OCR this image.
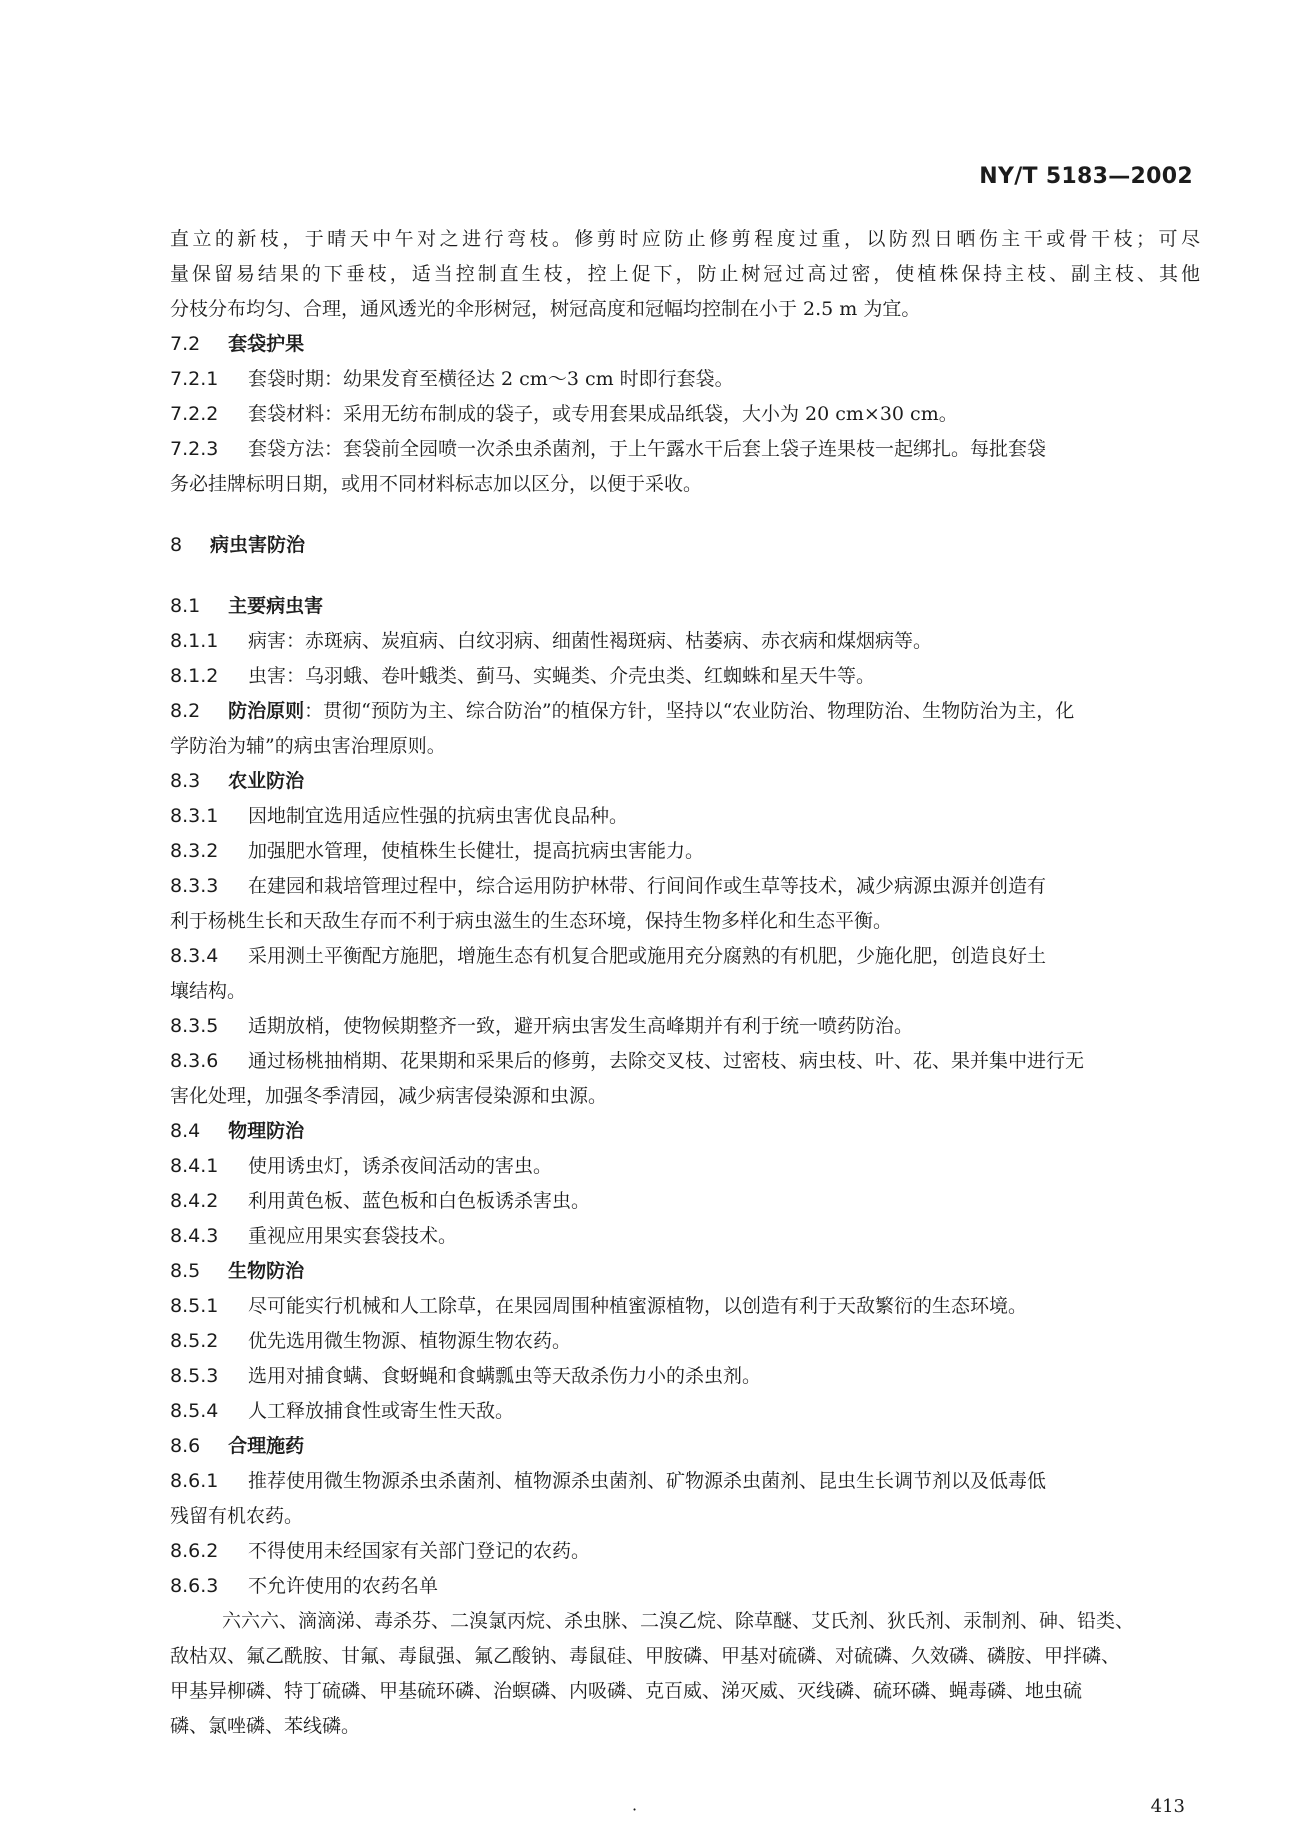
NY/T 5183—2002
直立的新枝，于晴天中午对之进行弯枝。修剪时应防止修剪程度过重，以防烈日晒伤主干或骨干枝；可尽
量保留易结果的下垂枝，适当控制直生枝，控上促下，防止树冠过高过密，使植株保持主枝、副主枝、其他
分枝分布均匀、合理，通风透光的伞形树冠，树冠高度和冠幅均控制在小于 2.5 m 为宜。
7.2 套袋护果
7.2.1 套袋时期：幼果发育至横径达 2 cm～3 cm 时即行套袋。
7.2.2 套袋材料：采用无纺布制成的袋子，或专用套果成品纸袋，大小为 20 cm×30 cm。
7.2.3 套袋方法：套袋前全园喷一次杀虫杀菌剂，于上午露水干后套上袋子连果枝一起绑扎。每批套袋
务必挂牌标明日期，或用不同材料标志加以区分，以便于采收。
8 病虫害防治
8.1 主要病虫害
8.1.1 病害：赤斑病、炭疽病、白纹羽病、细菌性褐斑病、枯萎病、赤衣病和煤烟病等。
8.1.2 虫害：乌羽蛾、卷叶蛾类、蓟马、实蝇类、介壳虫类、红蜘蛛和星天牛等。
8.2 防治原则：贯彻“预防为主、综合防治”的植保方针，坚持以“农业防治、物理防治、生物防治为主，化
学防治为辅”的病虫害治理原则。
8.3 农业防治
8.3.1 因地制宜选用适应性强的抗病虫害优良品种。
8.3.2 加强肥水管理，使植株生长健壮，提高抗病虫害能力。
8.3.3 在建园和栽培管理过程中，综合运用防护林带、行间间作或生草等技术，减少病源虫源并创造有
利于杨桃生长和天敌生存而不利于病虫滋生的生态环境，保持生物多样化和生态平衡。
8.3.4 采用测土平衡配方施肥，增施生态有机复合肥或施用充分腐熟的有机肥，少施化肥，创造良好土
壤结构。
8.3.5 适期放梢，使物候期整齐一致，避开病虫害发生高峰期并有利于统一喷药防治。
8.3.6 通过杨桃抽梢期、花果期和采果后的修剪，去除交叉枝、过密枝、病虫枝、叶、花、果并集中进行无
害化处理，加强冬季清园，减少病害侵染源和虫源。
8.4 物理防治
8.4.1 使用诱虫灯，诱杀夜间活动的害虫。
8.4.2 利用黄色板、蓝色板和白色板诱杀害虫。
8.4.3 重视应用果实套袋技术。
8.5 生物防治
8.5.1 尽可能实行机械和人工除草，在果园周围种植蜜源植物，以创造有利于天敌繁衍的生态环境。
8.5.2 优先选用微生物源、植物源生物农药。
8.5.3 选用对捕食螨、食蚜蝇和食螨瓢虫等天敌杀伤力小的杀虫剂。
8.5.4 人工释放捕食性或寄生性天敌。
8.6 合理施药
8.6.1 推荐使用微生物源杀虫杀菌剂、植物源杀虫菌剂、矿物源杀虫菌剂、昆虫生长调节剂以及低毒低
残留有机农药。
8.6.2 不得使用未经国家有关部门登记的农药。
8.6.3 不允许使用的农药名单
六六六、滴滴涕、毒杀芬、二溴氯丙烷、杀虫脒、二溴乙烷、除草醚、艾氏剂、狄氏剂、汞制剂、砷、铅类、
敌枯双、氟乙酰胺、甘氟、毒鼠强、氟乙酸钠、毒鼠硅、甲胺磷、甲基对硫磷、对硫磷、久效磷、磷胺、甲拌磷、
甲基异柳磷、特丁硫磷、甲基硫环磷、治螟磷、内吸磷、克百威、涕灭威、灭线磷、硫环磷、蝇毒磷、地虫硫
磷、氯唑磷、苯线磷。
·	413
